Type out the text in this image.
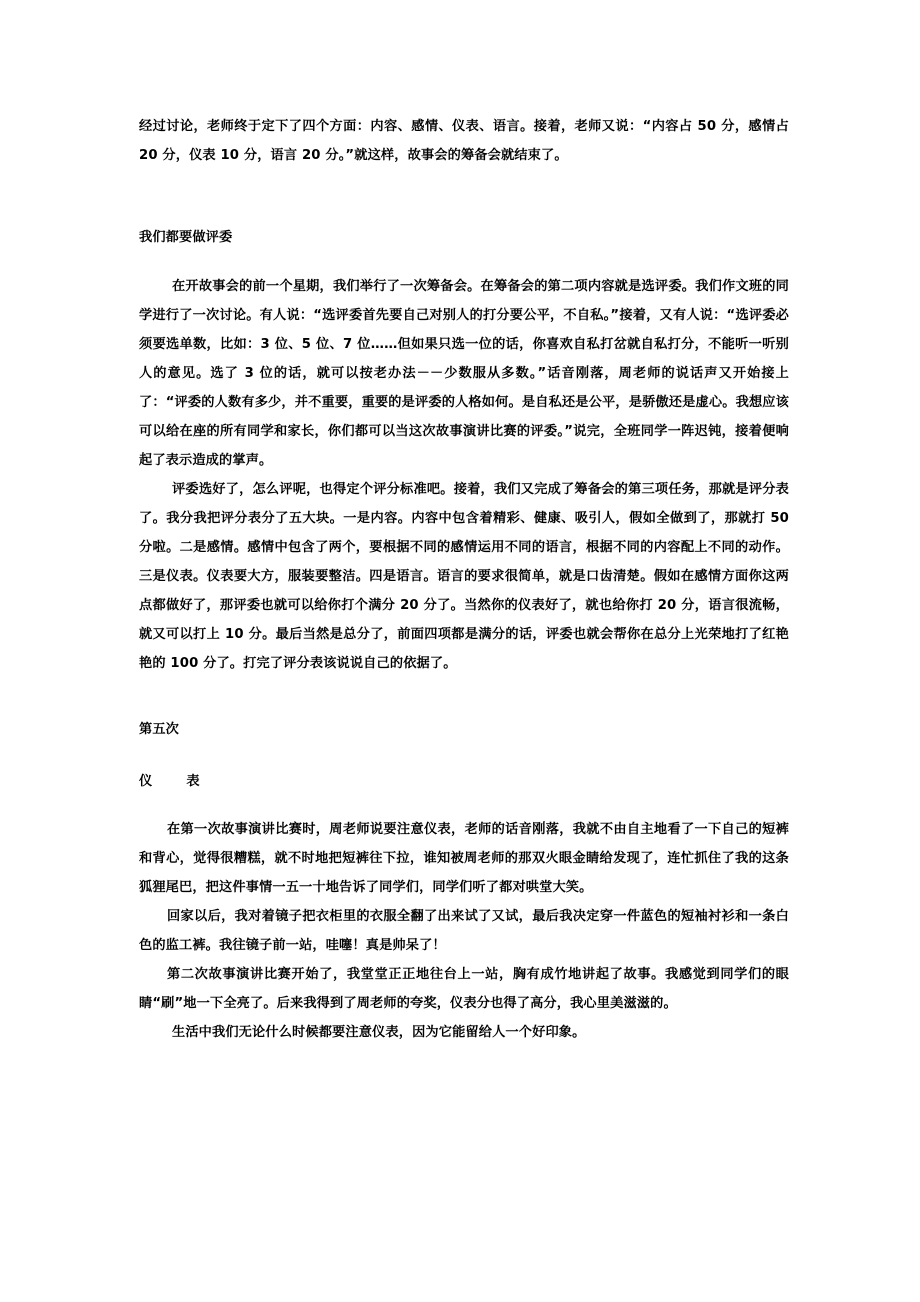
经过讨论，老师终于定下了四个方面：内容、感情、仪表、语言。接着，老师又说：“内容占 50 分，感情占 20 分，仪表 10 分，语言 20 分。”就这样，故事会的筹备会就结束了。

我们都要做评委

在开故事会的前一个星期，我们举行了一次筹备会。在筹备会的第二项内容就是选评委。我们作文班的同学进行了一次讨论。有人说：“选评委首先要自己对别人的打分要公平，不自私。”接着，又有人说：“选评委必须要选单数，比如：3 位、5 位、7 位……但如果只选一位的话，你喜欢自私打岔就自私打分，不能听一听别人的意见。选了 3 位的话，就可以按老办法－－少数服从多数。”话音刚落，周老师的说话声又开始接上了：“评委的人数有多少，并不重要，重要的是评委的人格如何。是自私还是公平，是骄傲还是虚心。我想应该可以给在座的所有同学和家长，你们都可以当这次故事演讲比赛的评委。”说完，全班同学一阵迟钝，接着便响起了表示造成的掌声。

评委选好了，怎么评呢，也得定个评分标准吧。接着，我们又完成了筹备会的第三项任务，那就是评分表了。我分我把评分表分了五大块。一是内容。内容中包含着精彩、健康、吸引人，假如全做到了，那就打 50 分啦。二是感情。感情中包含了两个，要根据不同的感情运用不同的语言，根据不同的内容配上不同的动作。三是仪表。仪表要大方，服装要整洁。四是语言。语言的要求很简单，就是口齿清楚。假如在感情方面你这两点都做好了，那评委也就可以给你打个满分 20 分了。当然你的仪表好了，就也给你打 20 分，语言很流畅，就又可以打上 10 分。最后当然是总分了，前面四项都是满分的话，评委也就会帮你在总分上光荣地打了红艳艳的 100 分了。打完了评分表该说说自己的依据了。

第五次

仪	表

在第一次故事演讲比赛时，周老师说要注意仪表，老师的话音刚落，我就不由自主地看了一下自己的短裤和背心，觉得很糟糕，就不时地把短裤往下拉，谁知被周老师的那双火眼金睛给发现了，连忙抓住了我的这条狐狸尾巴，把这件事情一五一十地告诉了同学们，同学们听了都对哄堂大笑。

回家以后，我对着镜子把衣柜里的衣服全翻了出来试了又试，最后我决定穿一件蓝色的短袖衬衫和一条白色的监工裤。我往镜子前一站，哇噻！真是帅呆了！

第二次故事演讲比赛开始了，我堂堂正正地往台上一站，胸有成竹地讲起了故事。我感觉到同学们的眼睛“刷”地一下全亮了。后来我得到了周老师的夸奖，仪表分也得了高分，我心里美滋滋的。

生活中我们无论什么时候都要注意仪表，因为它能留给人一个好印象。
